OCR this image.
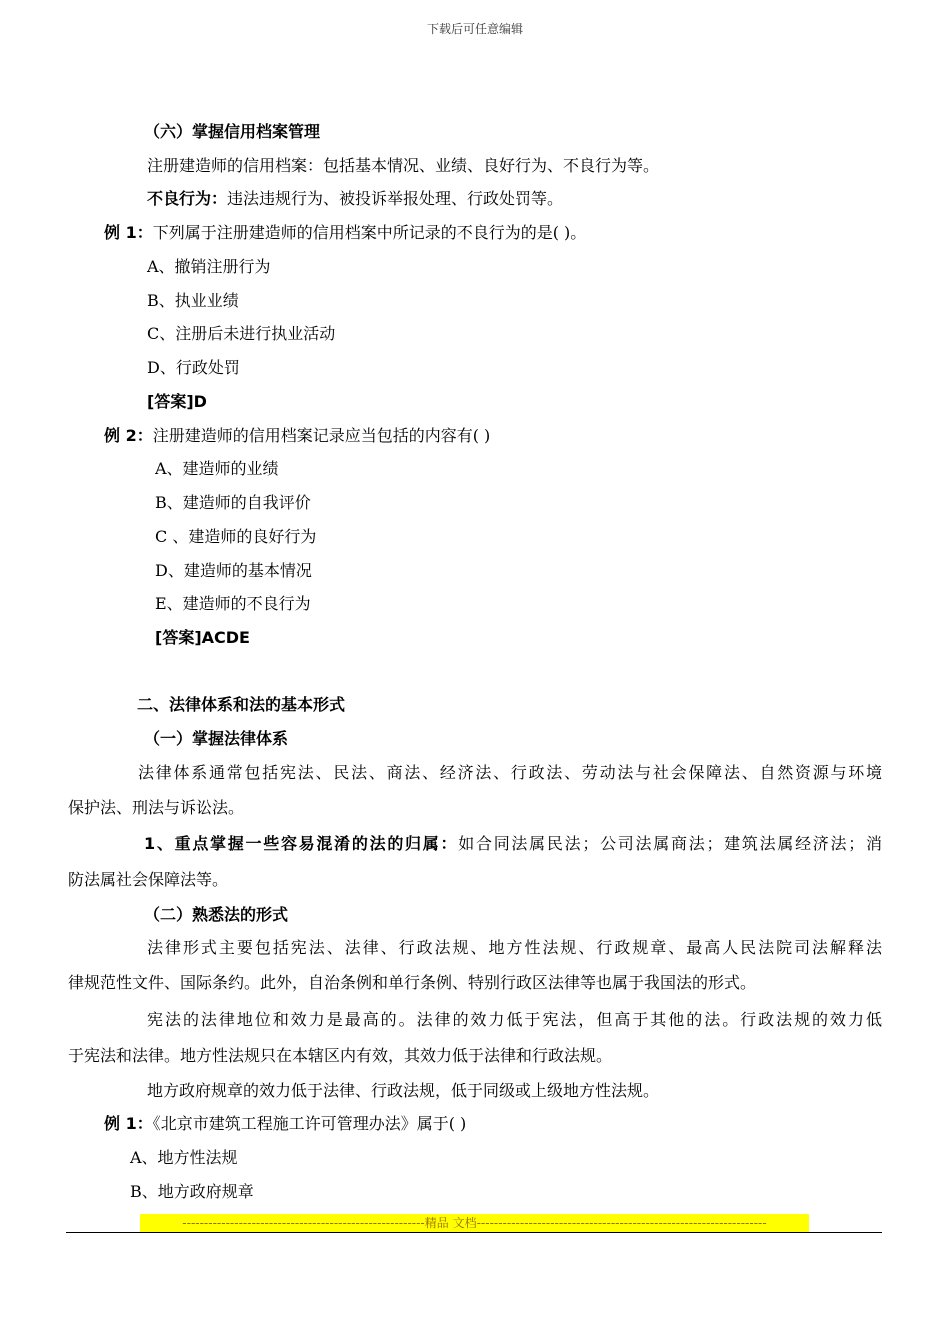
下载后可任意编辑
（六）掌握信用档案管理
注册建造师的信用档案：包括基本情况、业绩、良好行为、不良行为等。
不良行为：违法违规行为、被投诉举报处理、行政处罚等。
例 1：下列属于注册建造师的信用档案中所记录的不良行为的是( )。
A、撤销注册行为
B、执业业绩
C、注册后未进行执业活动
D、行政处罚
[答案]D
例 2：注册建造师的信用档案记录应当包括的内容有( )
A、建造师的业绩
B、建造师的自我评价
C 、建造师的良好行为
D、建造师的基本情况
E、建造师的不良行为
[答案]ACDE
二、法律体系和法的基本形式
（一）掌握法律体系
法律体系通常包括宪法、民法、商法、经济法、行政法、劳动法与社会保障法、自然资源与环境
保护法、刑法与诉讼法。
1、重点掌握一些容易混淆的法的归属：如合同法属民法；公司法属商法；建筑法属经济法；消
防法属社会保障法等。
（二）熟悉法的形式
法律形式主要包括宪法、法律、行政法规、地方性法规、行政规章、最高人民法院司法解释法
律规范性文件、国际条约。此外，自治条例和单行条例、特别行政区法律等也属于我国法的形式。
宪法的法律地位和效力是最高的。法律的效力低于宪法，但高于其他的法。行政法规的效力低
于宪法和法律。地方性法规只在本辖区内有效，其效力低于法律和行政法规。
地方政府规章的效力低于法律、行政法规，低于同级或上级地方性法规。
例 1：《北京市建筑工程施工许可管理办法》属于( )
A、地方性法规
B、地方政府规章
--------------------------------------------------------精品 文档-------------------------------------------------------------------
